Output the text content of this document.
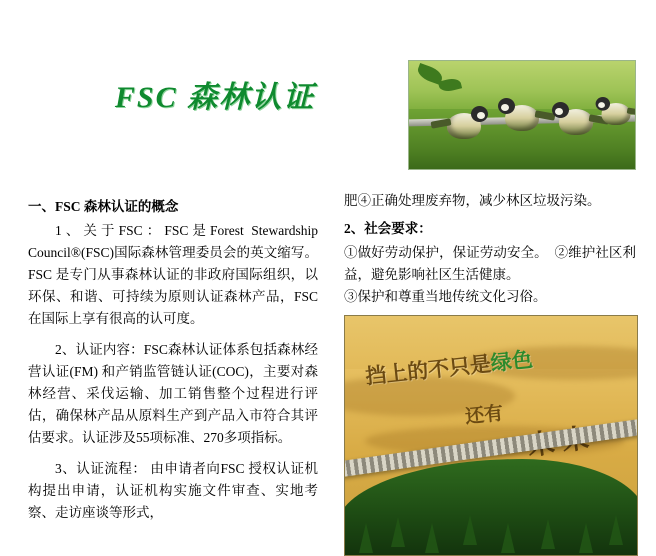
FSC 森林认证
一、FSC 森林认证的概念

1、关于FSC：FSC是Forest Stewardship Council®(FSC)国际森林管理委员会的英文缩写。FSC 是专门从事森林认证的非政府国际组织，以环保、和谐、可持续为原则认证森林产品，FSC 在国际上享有很高的认可度。

2、认证内容：FSC森林认证体系包括森林经营认证(FM) 和产销监管链认证(COC)，主要对森林经营、采伐运输、加工销售整个过程进行评估，确保林产品从原料生产到产品入市符合其评估要求。认证涉及55项标准、270多项指标。

3、认证流程： 由申请者向FSC 授权认证机构提出申请，认证机构实施文件审查、实地考察、走访座谈等形式，

肥④正确处理废弃物，减少林区垃圾污染。

2、社会要求：

①做好劳动保护，保证劳动安全。　②维护社区利益，避免影响社区生活健康。

③保护和尊重当地传统文化习俗。

挡上的不只是绿色
还有
